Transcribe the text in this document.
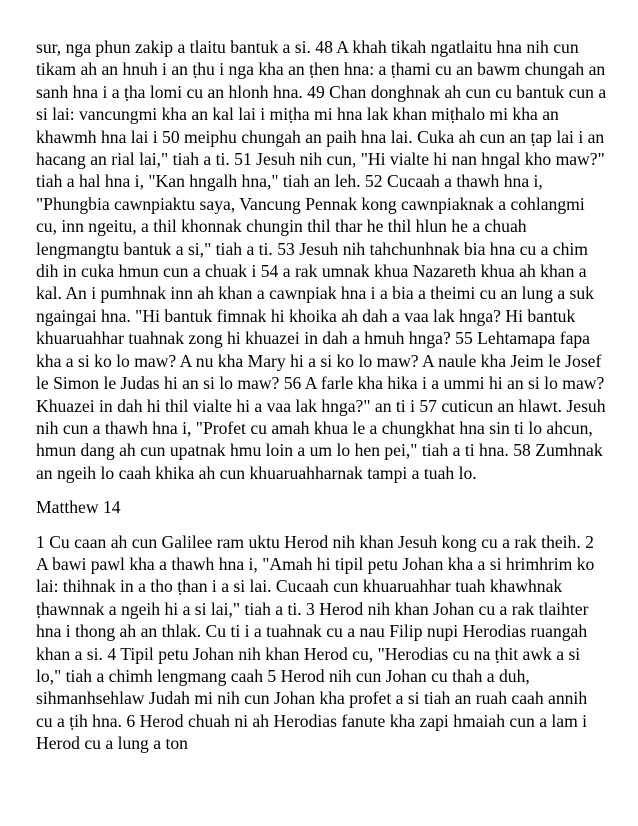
sur, nga phun zakip a tlaitu bantuk a si. 48 A khah tikah ngatlaitu hna nih cun tikam ah an hnuh i an ṭhu i nga kha an ṭhen hna: a ṭhami cu an bawm chungah an sanh hna i a ṭha lomi cu an hlonh hna. 49 Chan donghnak ah cun cu bantuk cun a si lai: vancungmi kha an kal lai i miṭha mi hna lak khan miṭhalo mi kha an khawmh hna lai i 50 meiphu chungah an paih hna lai. Cuka ah cun an ṭap lai i an hacang an rial lai," tiah a ti. 51 Jesuh nih cun, "Hi vialte hi nan hngal kho maw?" tiah a hal hna i, "Kan hngalh hna," tiah an leh. 52 Cucaah a thawh hna i, "Phungbia cawnpiaktu saya, Vancung Pennak kong cawnpiaknak a cohlangmi cu, inn ngeitu, a thil khonnak chungin thil thar he thil hlun he a chuah lengmangtu bantuk a si," tiah a ti. 53 Jesuh nih tahchunhnak bia hna cu a chim dih in cuka hmun cun a chuak i 54 a rak umnak khua Nazareth khua ah khan a kal. An i pumhnak inn ah khan a cawnpiak hna i a bia a theimi cu an lung a suk ngaingai hna. "Hi bantuk fimnak hi khoika ah dah a vaa lak hnga? Hi bantuk khuaruahhar tuahnak zong hi khuazei in dah a hmuh hnga? 55 Lehtamapa fapa kha a si ko lo maw? A nu kha Mary hi a si ko lo maw? A naule kha Jeim le Josef le Simon le Judas hi an si lo maw? 56 A farle kha hika i a ummi hi an si lo maw? Khuazei in dah hi thil vialte hi a vaa lak hnga?" an ti i 57 cuticun an hlawt. Jesuh nih cun a thawh hna i, "Profet cu amah khua le a chungkhat hna sin ti lo ahcun, hmun dang ah cun upatnak hmu loin a um lo hen pei," tiah a ti hna. 58 Zumhnak an ngeih lo caah khika ah cun khuaruahharnak tampi a tuah lo.

Matthew 14

1 Cu caan ah cun Galilee ram uktu Herod nih khan Jesuh kong cu a rak theih. 2 A bawi pawl kha a thawh hna i, "Amah hi tipil petu Johan kha a si hrimhrim ko lai: thihnak in a tho ṭhan i a si lai. Cucaah cun khuaruahhar tuah khawhnak ṭhawnnak a ngeih hi a si lai," tiah a ti. 3 Herod nih khan Johan cu a rak tlaihter hna i thong ah an thlak. Cu ti i a tuahnak cu a nau Filip nupi Herodias ruangah khan a si. 4 Tipil petu Johan nih khan Herod cu, "Herodias cu na ṭhit awk a si lo," tiah a chimh lengmang caah 5 Herod nih cun Johan cu thah a duh, sihmanhsehlaw Judah mi nih cun Johan kha profet a si tiah an ruah caah annih cu a ṭih hna. 6 Herod chuah ni ah Herodias fanute kha zapi hmaiah cun a lam i Herod cu a lung a ton
